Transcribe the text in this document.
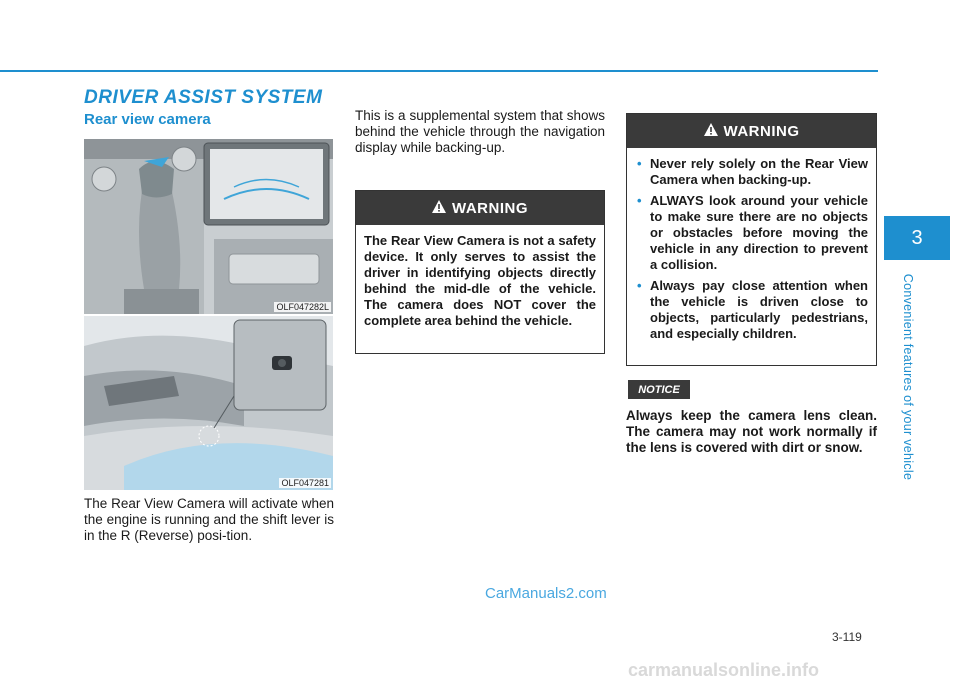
DRIVER ASSIST SYSTEM
Rear view camera
OLF047282L
OLF047281
The Rear View Camera will activate when the engine is running and the shift lever is in the R (Reverse) posi-tion.
This is a supplemental system that shows behind the vehicle through the navigation display while backing-up.
WARNING
The Rear View Camera is not a safety device. It only serves to assist the driver in identifying objects directly behind the mid-dle of the vehicle. The camera does NOT cover the complete area behind the vehicle.
WARNING
• Never rely solely on the Rear View Camera when backing-up.
• ALWAYS look around your vehicle to make sure there are no objects or obstacles before moving the vehicle in any direction to prevent a collision.
• Always pay close attention when the vehicle is driven close to objects, particularly pedestrians, and especially children.
NOTICE
Always keep the camera lens clean. The camera may not work normally if the lens is covered with dirt or snow.
3
Convenient features of your vehicle
3-119
CarManuals2.com
carmanualsonline.info
